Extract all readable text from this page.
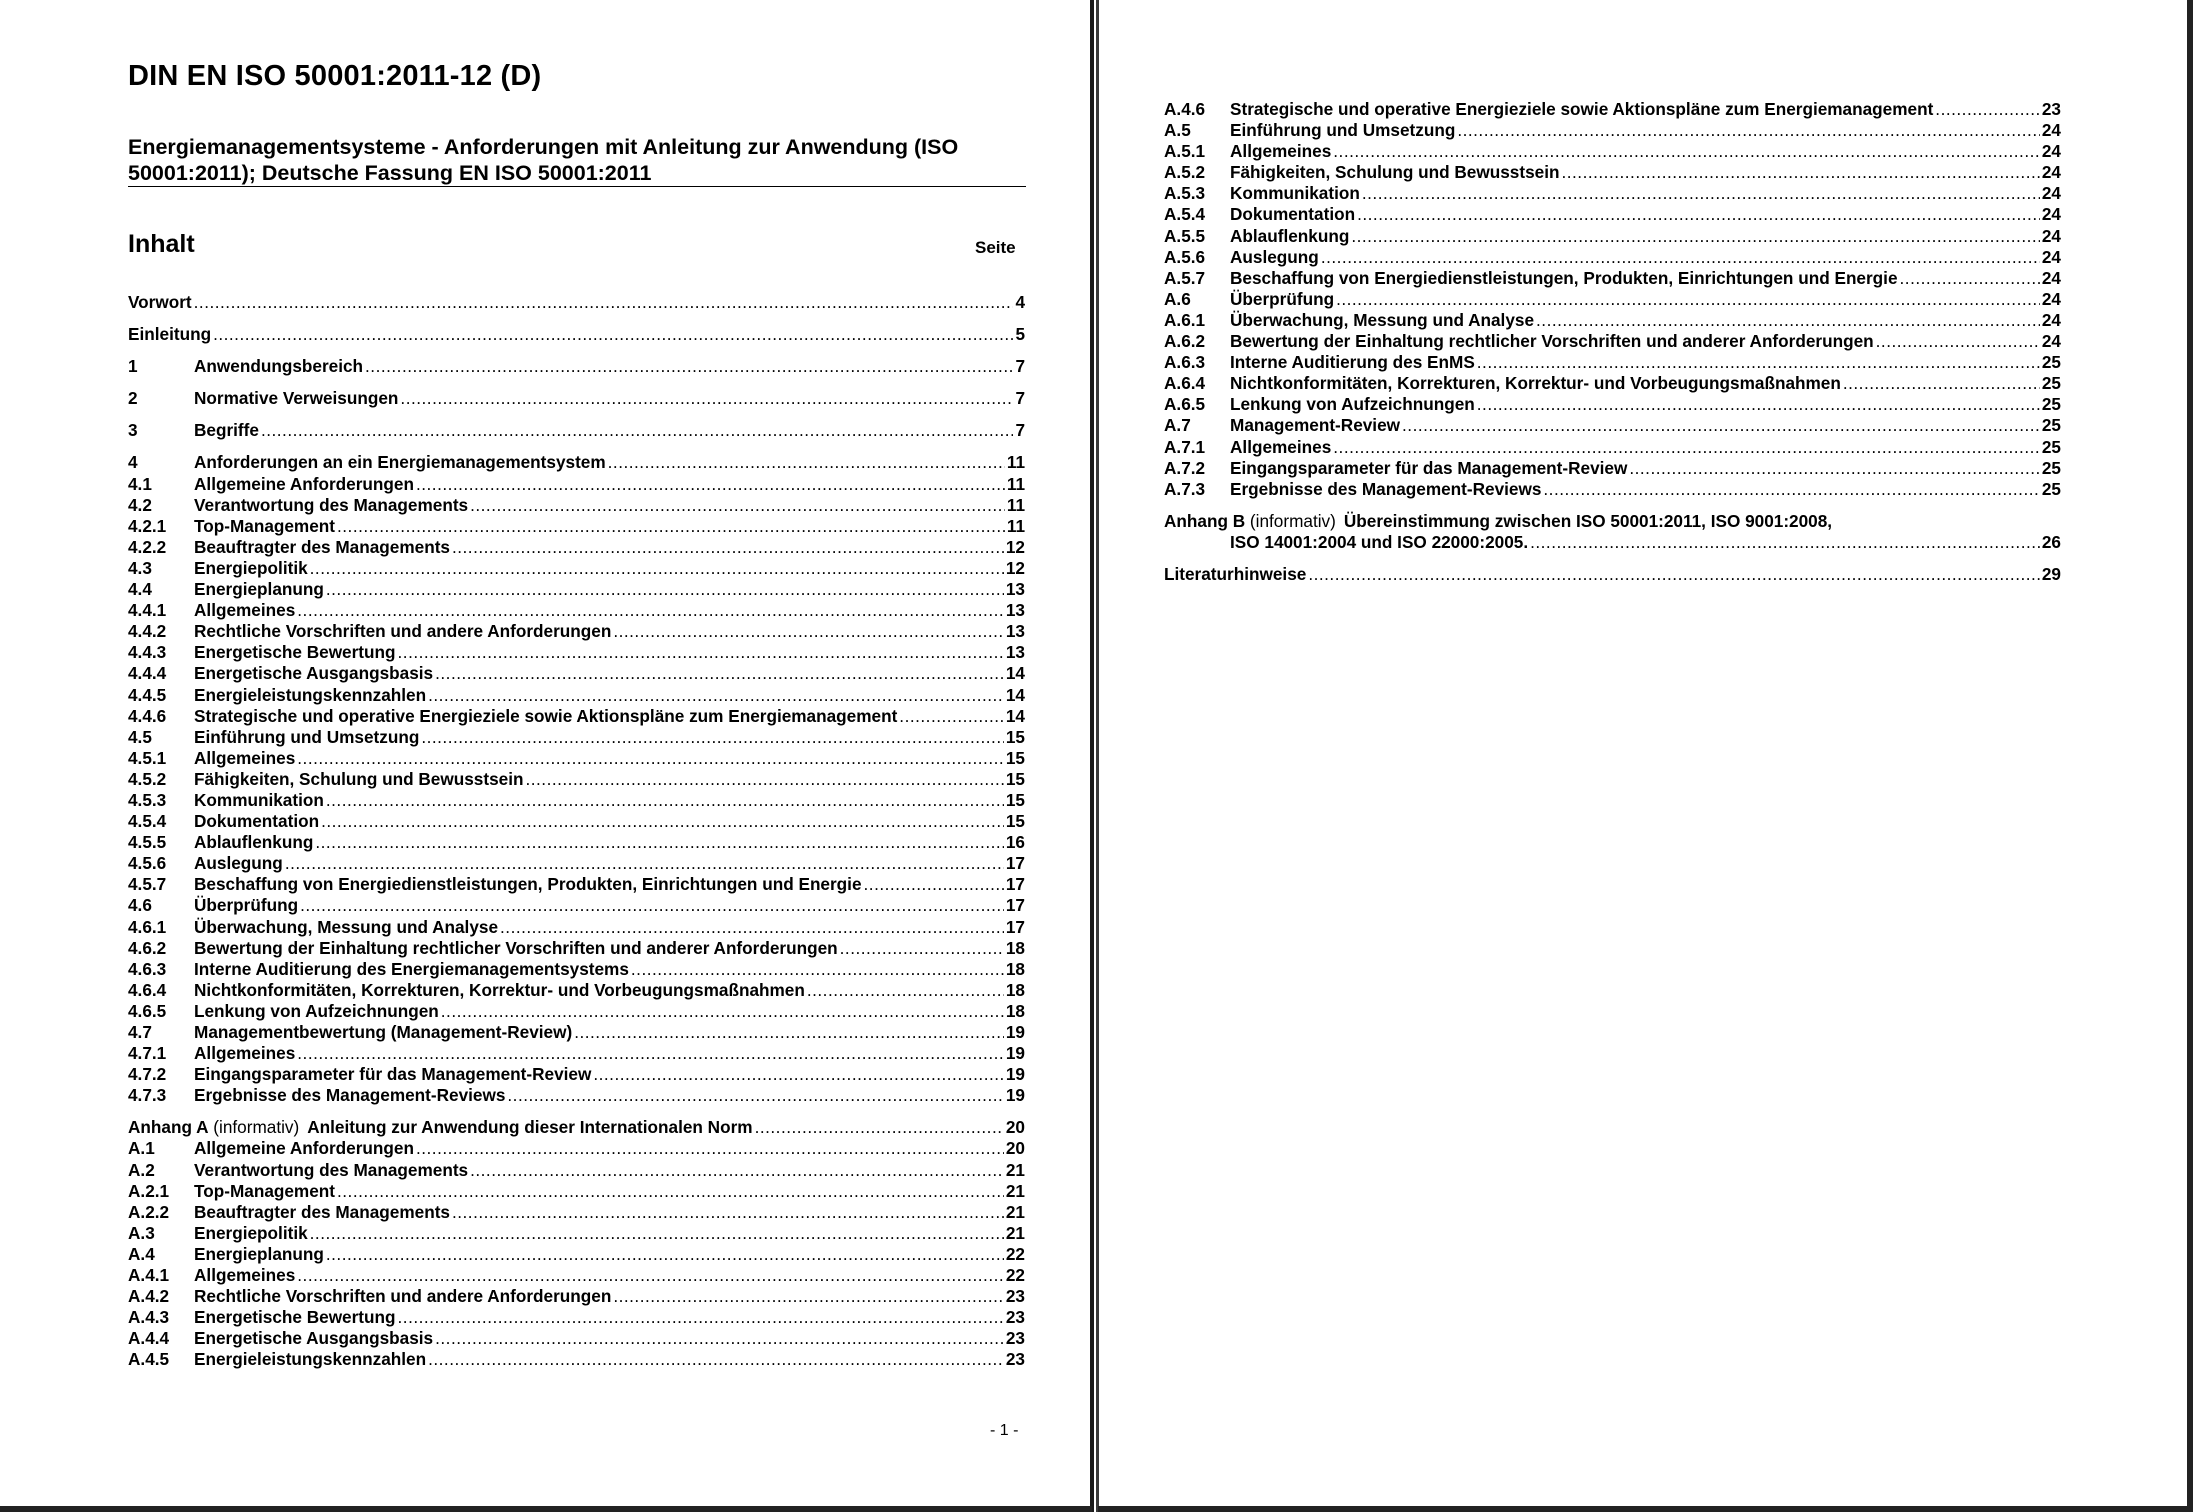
DIN EN ISO 50001:2011-12 (D)
Energiemanagementsysteme - Anforderungen mit Anleitung zur Anwendung (ISO
50001:2011); Deutsche Fassung EN ISO 50001:2011
Inhalt	Seite
Vorwort .....	4
Einleitung .....	5
1	Anwendungsbereich .....	7
2	Normative Verweisungen .....	7
3	Begriffe .....	7
4	Anforderungen an ein Energiemanagementsystem .....	11
4.1	Allgemeine Anforderungen .....	11
4.2	Verantwortung des Managements .....	11
4.2.1	Top-Management .....	11
4.2.2	Beauftragter des Managements .....	12
4.3	Energiepolitik .....	12
4.4	Energieplanung .....	13
4.4.1	Allgemeines .....	13
4.4.2	Rechtliche Vorschriften und andere Anforderungen .....	13
4.4.3	Energetische Bewertung .....	13
4.4.4	Energetische Ausgangsbasis .....	14
4.4.5	Energieleistungskennzahlen .....	14
4.4.6	Strategische und operative Energieziele sowie Aktionspläne zum Energiemanagement .....	14
4.5	Einführung und Umsetzung .....	15
4.5.1	Allgemeines .....	15
4.5.2	Fähigkeiten, Schulung und Bewusstsein .....	15
4.5.3	Kommunikation .....	15
4.5.4	Dokumentation .....	15
4.5.5	Ablauflenkung .....	16
4.5.6	Auslegung .....	17
4.5.7	Beschaffung von Energiedienstleistungen, Produkten, Einrichtungen und Energie .....	17
4.6	Überprüfung .....	17
4.6.1	Überwachung, Messung und Analyse .....	17
4.6.2	Bewertung der Einhaltung rechtlicher Vorschriften und anderer Anforderungen .....	18
4.6.3	Interne Auditierung des Energiemanagementsystems .....	18
4.6.4	Nichtkonformitäten, Korrekturen, Korrektur- und Vorbeugungsmaßnahmen .....	18
4.6.5	Lenkung von Aufzeichnungen .....	18
4.7	Managementbewertung (Management-Review) .....	19
4.7.1	Allgemeines .....	19
4.7.2	Eingangsparameter für das Management-Review .....	19
4.7.3	Ergebnisse des Management-Reviews .....	19
Anhang A (informativ) Anleitung zur Anwendung dieser Internationalen Norm .....	20
A.1	Allgemeine Anforderungen .....	20
A.2	Verantwortung des Managements .....	21
A.2.1	Top-Management .....	21
A.2.2	Beauftragter des Managements .....	21
A.3	Energiepolitik .....	21
A.4	Energieplanung .....	22
A.4.1	Allgemeines .....	22
A.4.2	Rechtliche Vorschriften und andere Anforderungen .....	23
A.4.3	Energetische Bewertung .....	23
A.4.4	Energetische Ausgangsbasis .....	23
A.4.5	Energieleistungskennzahlen .....	23
- 1 -
A.4.6	Strategische und operative Energieziele sowie Aktionspläne zum Energiemanagement .....	23
A.5	Einführung und Umsetzung .....	24
A.5.1	Allgemeines .....	24
A.5.2	Fähigkeiten, Schulung und Bewusstsein .....	24
A.5.3	Kommunikation .....	24
A.5.4	Dokumentation .....	24
A.5.5	Ablauflenkung .....	24
A.5.6	Auslegung .....	24
A.5.7	Beschaffung von Energiedienstleistungen, Produkten, Einrichtungen und Energie .....	24
A.6	Überprüfung .....	24
A.6.1	Überwachung, Messung und Analyse .....	24
A.6.2	Bewertung der Einhaltung rechtlicher Vorschriften und anderer Anforderungen .....	24
A.6.3	Interne Auditierung des EnMS .....	25
A.6.4	Nichtkonformitäten, Korrekturen, Korrektur- und Vorbeugungsmaßnahmen .....	25
A.6.5	Lenkung von Aufzeichnungen .....	25
A.7	Management-Review .....	25
A.7.1	Allgemeines .....	25
A.7.2	Eingangsparameter für das Management-Review .....	25
A.7.3	Ergebnisse des Management-Reviews .....	25
Anhang B (informativ) Übereinstimmung zwischen ISO 50001:2011, ISO 9001:2008,
ISO 14001:2004 und ISO 22000:2005. .....	26
Literaturhinweise .....	29
